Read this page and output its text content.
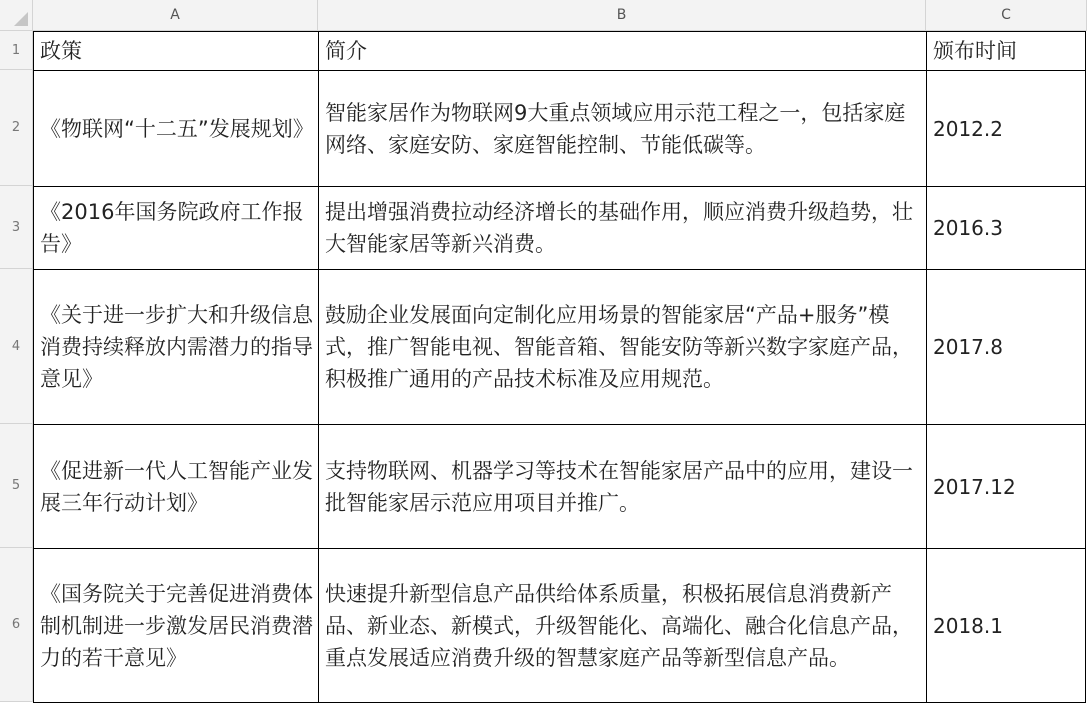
A	B	C
1
2
3
4
5
6
政策	简介	颁布时间
《物联网“十二五”发展规划》	智能家居作为物联网9大重点领域应用示范工程之一，包括家庭网络、家庭安防、家庭智能控制、节能低碳等。	2012.2
《2016年国务院政府工作报告》	提出增强消费拉动经济增长的基础作用，顺应消费升级趋势，壮大智能家居等新兴消费。	2016.3
《关于进一步扩大和升级信息消费持续释放内需潜力的指导意见》	鼓励企业发展面向定制化应用场景的智能家居“产品+服务”模式，推广智能电视、智能音箱、智能安防等新兴数字家庭产品，积极推广通用的产品技术标准及应用规范。	2017.8
《促进新一代人工智能产业发展三年行动计划》	支持物联网、机器学习等技术在智能家居产品中的应用，建设一批智能家居示范应用项目并推广。	2017.12
《国务院关于完善促进消费体制机制进一步激发居民消费潜力的若干意见》	快速提升新型信息产品供给体系质量，积极拓展信息消费新产品、新业态、新模式，升级智能化、高端化、融合化信息产品，重点发展适应消费升级的智慧家庭产品等新型信息产品。	2018.1
